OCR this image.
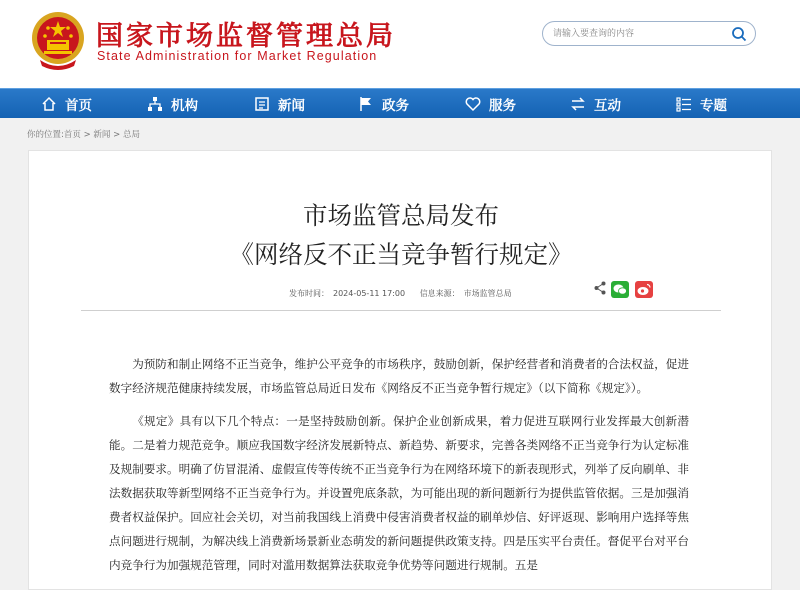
国家市场监督管理总局
State Administration for Market Regulation
请输入要查询的内容
首页	机构	新闻	政务	服务	互动	专题
你的位置:首页 > 新闻 > 总局
市场监管总局发布
《网络反不正当竞争暂行规定》
发布时间： 2024-05-11 17:00 信息来源： 市场监管总局

为预防和制止网络不正当竞争，维护公平竞争的市场秩序，鼓励创新，保护经营者和消费者的合法权益，促进数字经济规范健康持续发展，市场监管总局近日发布《网络反不正当竞争暂行规定》（以下简称《规定》）。

《规定》具有以下几个特点：一是坚持鼓励创新。保护企业创新成果，着力促进互联网行业发挥最大创新潜能。二是着力规范竞争。顺应我国数字经济发展新特点、新趋势、新要求，完善各类网络不正当竞争行为认定标准及规制要求。明确了仿冒混淆、虚假宣传等传统不正当竞争行为在网络环境下的新表现形式，列举了反向刷单、非法数据获取等新型网络不正当竞争行为。并设置兜底条款，为可能出现的新问题新行为提供监管依据。三是加强消费者权益保护。回应社会关切，对当前我国线上消费中侵害消费者权益的刷单炒信、好评返现、影响用户选择等焦点问题进行规制，为解决线上消费新场景新业态萌发的新问题提供政策支持。四是压实平台责任。督促平台对平台内竞争行为加强规范管理，同时对滥用数据算法获取竞争优势等问题进行规制。五是
